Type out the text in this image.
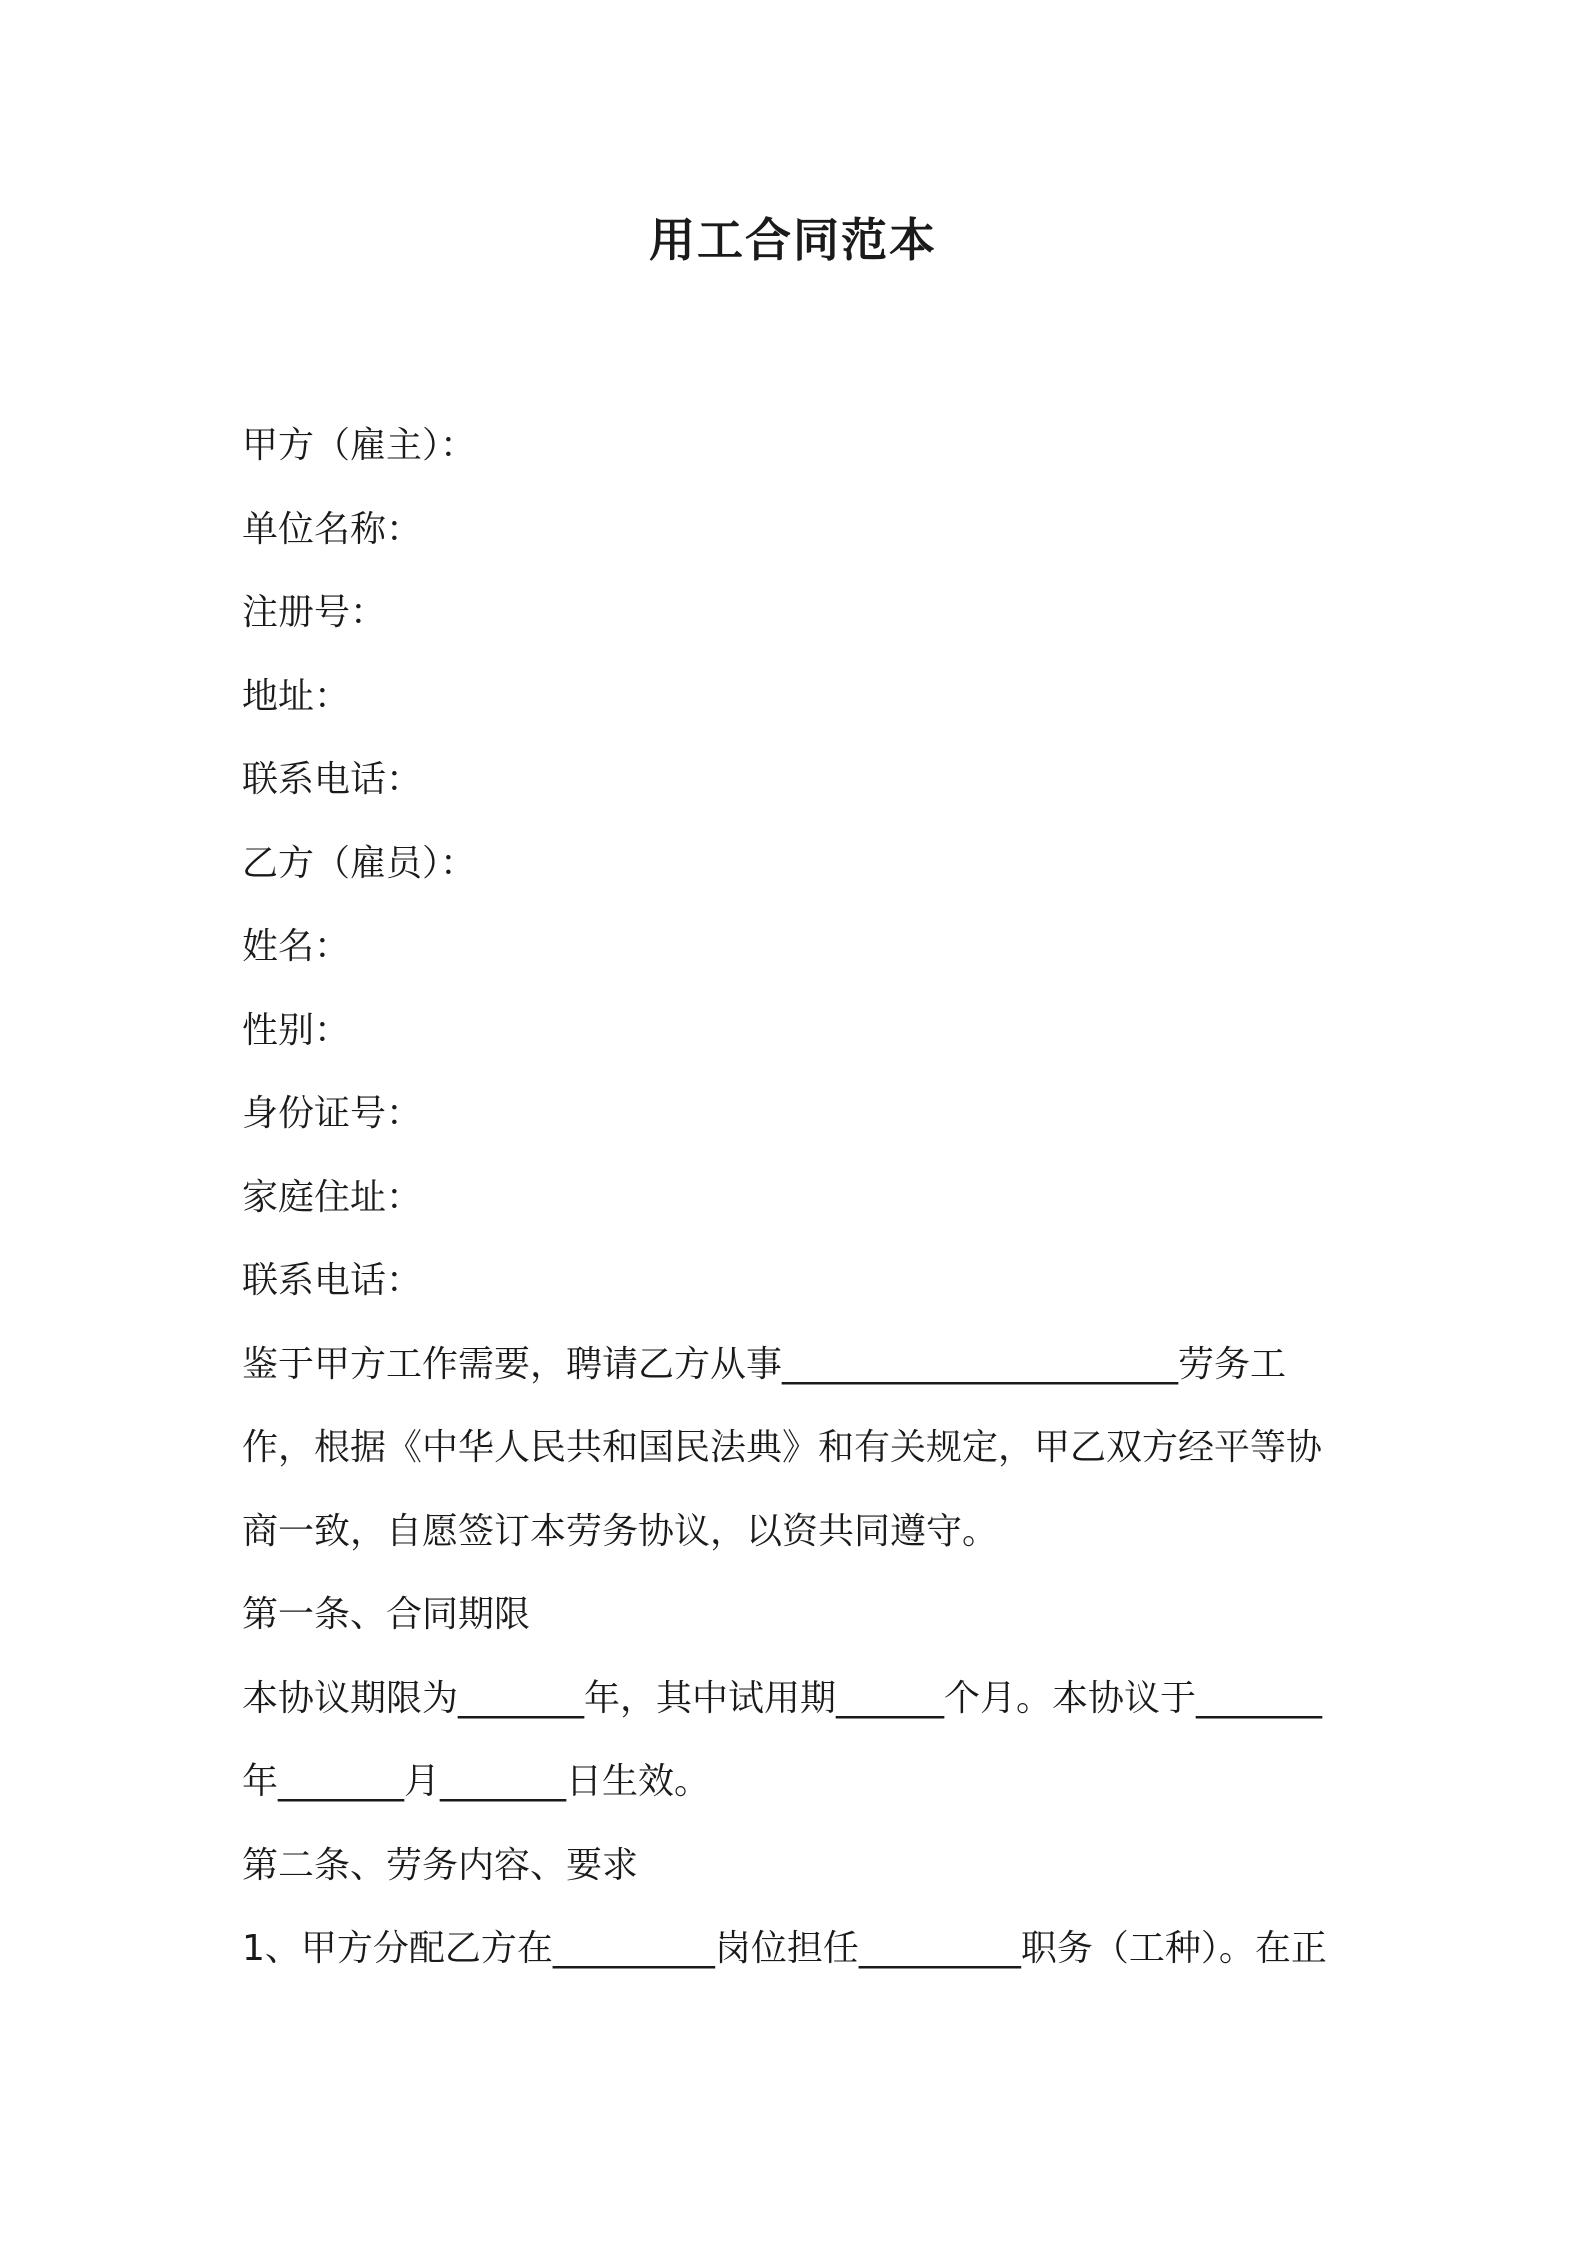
用工合同范本
甲方（雇主）：
单位名称：
注册号：
地址：
联系电话：
乙方（雇员）：
姓名：
性别：
身份证号：
家庭住址：
联系电话：
鉴于甲方工作需要，聘请乙方从事______________________劳务工
作，根据《中华人民共和国民法典》和有关规定，甲乙双方经平等协
商一致，自愿签订本劳务协议，以资共同遵守。
第一条、合同期限
本协议期限为_______年，其中试用期______个月。本协议于_______
年_______月_______日生效。
第二条、劳务内容、要求
1、甲方分配乙方在_________岗位担任_________职务（工种）。在正
